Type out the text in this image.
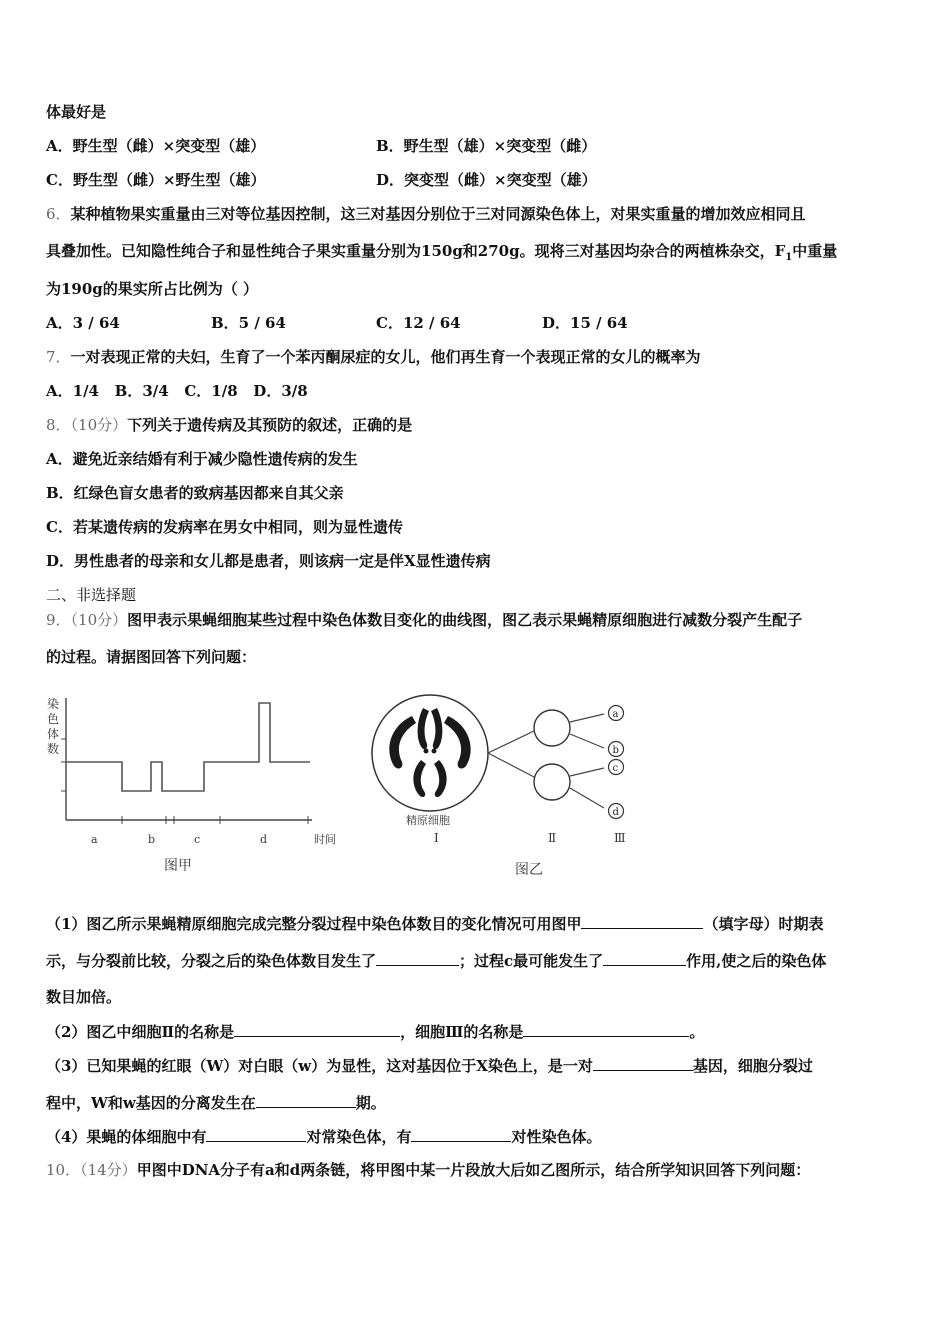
体最好是
A．野生型（雌）×突变型（雄）	B．野生型（雄）×突变型（雌）
C．野生型（雌）×野生型（雄）	D．突变型（雌）×突变型（雄）
6．某种植物果实重量由三对等位基因控制，这三对基因分别位于三对同源染色体上，对果实重量的增加效应相同且
具叠加性。已知隐性纯合子和显性纯合子果实重量分别为150g和270g。现将三对基因均杂合的两植株杂交，$F_1$中重量
为190g的果实所占比例为（ ）
A．3 / 64	B．5 / 64	C．12 / 64	D．15 / 64
7．一对表现正常的夫妇，生育了一个苯丙酮尿症的女儿，他们再生育一个表现正常的女儿的概率为
A．1/4   B．3/4   C．1/8   D．3/8
8．（10分）下列关于遗传病及其预防的叙述，正确的是
A．避免近亲结婚有利于减少隐性遗传病的发生
B．红绿色盲女患者的致病基因都来自其父亲
C．若某遗传病的发病率在男女中相同，则为显性遗传
D．男性患者的母亲和女儿都是患者，则该病一定是伴X显性遗传病
二、非选择题
9．（10分）图甲表示果蝇细胞某些过程中染色体数目变化的曲线图，图乙表示果蝇精原细胞进行减数分裂产生配子
的过程。请据图回答下列问题：
染
色
体
数
a	b	c	d	时间
图甲
a
b
c
d
精原细胞
Ⅰ	Ⅱ	Ⅲ
图乙
（1）图乙所示果蝇精原细胞完成完整分裂过程中染色体数目的变化情况可用图甲	（填字母）时期表
示，与分裂前比较，分裂之后的染色体数目发生了	；过程c最可能发生了	作用,使之后的染色体
数目加倍。
（2）图乙中细胞Ⅱ的名称是	，细胞Ⅲ的名称是	。
（3）已知果蝇的红眼（W）对白眼（w）为显性，这对基因位于X染色上，是一对	基因，细胞分裂过
程中，W和w基因的分离发生在	期。
（4）果蝇的体细胞中有	对常染色体，有	对性染色体。
10．（14分）甲图中DNA分子有a和d两条链，将甲图中某一片段放大后如乙图所示，结合所学知识回答下列问题：
